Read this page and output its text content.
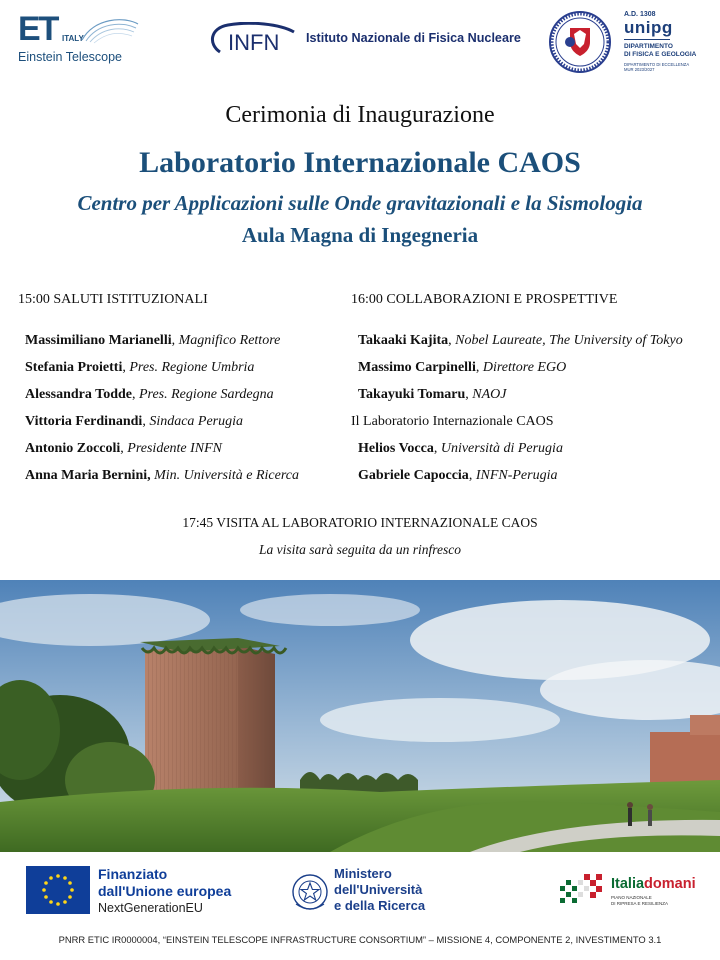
ET ITALY
Einstein Telescope
INFN Istituto Nazionale di Fisica Nucleare
A.D. 1308
unipg
DIPARTIMENTO
DI FISICA E GEOLOGIA
DIPARTIMENTO DI ECCELLENZA
MUR 2023/2027
Cerimonia di Inaugurazione
Laboratorio Internazionale CAOS
Centro per Applicazioni sulle Onde gravitazionali e la Sismologia
Aula Magna di Ingegneria
15:00 SALUTI ISTITUZIONALI
Massimiliano Marianelli, Magnifico Rettore
Stefania Proietti, Pres. Regione Umbria
Alessandra Todde, Pres. Regione Sardegna
Vittoria Ferdinandi, Sindaca Perugia
Antonio Zoccoli, Presidente INFN
Anna Maria Bernini, Min. Università e Ricerca
16:00 COLLABORAZIONI E PROSPETTIVE
Takaaki Kajita, Nobel Laureate, The University of Tokyo
Massimo Carpinelli, Direttore EGO
Takayuki Tomaru, NAOJ
Il Laboratorio Internazionale CAOS
Helios Vocca, Università di Perugia
Gabriele Capoccia, INFN-Perugia
17:45 VISITA AL LABORATORIO INTERNAZIONALE CAOS
La visita sarà seguita da un rinfresco
Finanziato
dall'Unione europea
NextGenerationEU
Ministero
dell'Università
e della Ricerca
Italiadomani
PIANO NAZIONALE
DI RIPRESA E RESILIENZA
PNRR ETIC IR0000004, “EINSTEIN TELESCOPE INFRASTRUCTURE CONSORTIUM” – MISSIONE 4, COMPONENTE 2, INVESTIMENTO 3.1
